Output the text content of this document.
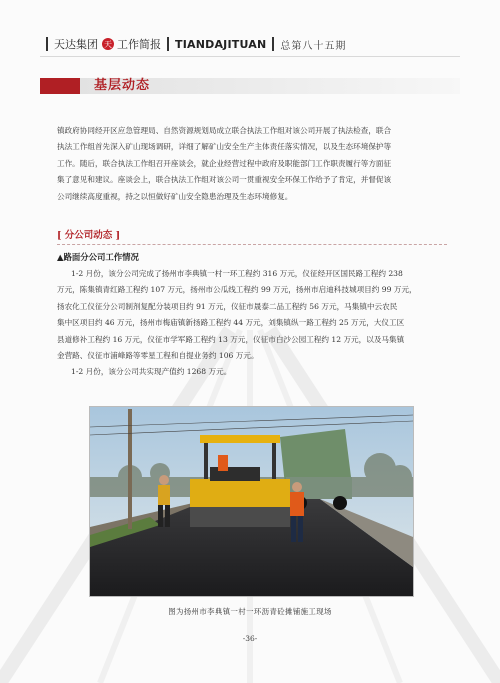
天达集团 天 工作简报 TIANDAJITUAN 总第八十五期
基层动态
镇政府协同经开区应急管理局、自然资源规划局成立联合执法工作组对该公司开展了执法检查，联合
执法工作组首先深入矿山现场调研，详细了解矿山安全生产主体责任落实情况，以及生态环境保护等
工作。随后，联合执法工作组召开座谈会，就企业经营过程中政府及职能部门工作职责履行等方面征
集了意见和建议。座谈会上，联合执法工作组对该公司一贯重视安全环保工作给予了肯定，并督促该
公司继续高度重视，持之以恒做好矿山安全隐患治理及生态环境修复。
[ 分公司动态 ]
▲路面分公司工作情况
1-2 月份，该分公司完成了扬州市李典镇一村一环工程约 316 万元，仪征经开区国民路工程约 238
万元，陈集镇青红路工程约 107 万元，扬州市公瓜线工程约 99 万元，扬州市启迪科技城项目约 99 万元，
扬农化工仪征分公司制剂复配分装项目约 91 万元，仪征市晟泰二品工程约 56 万元，马集镇中云农民
集中区项目约 46 万元，扬州市梅庙镇新扬路工程约 44 万元，刘集镇纵一路工程约 25 万元，大仪工区
县道修补工程约 16 万元，仪征市学军路工程约 13 万元，仪征市白沙公园工程约 12 万元，以及马集镇
金营路、仪征市浦峰路等零星工程和自提业务约 106 万元。
1-2 月份，该分公司共实现产值约 1268 万元。
图为扬州市李典镇一村一环沥青砼摊铺施工现场
-36-
